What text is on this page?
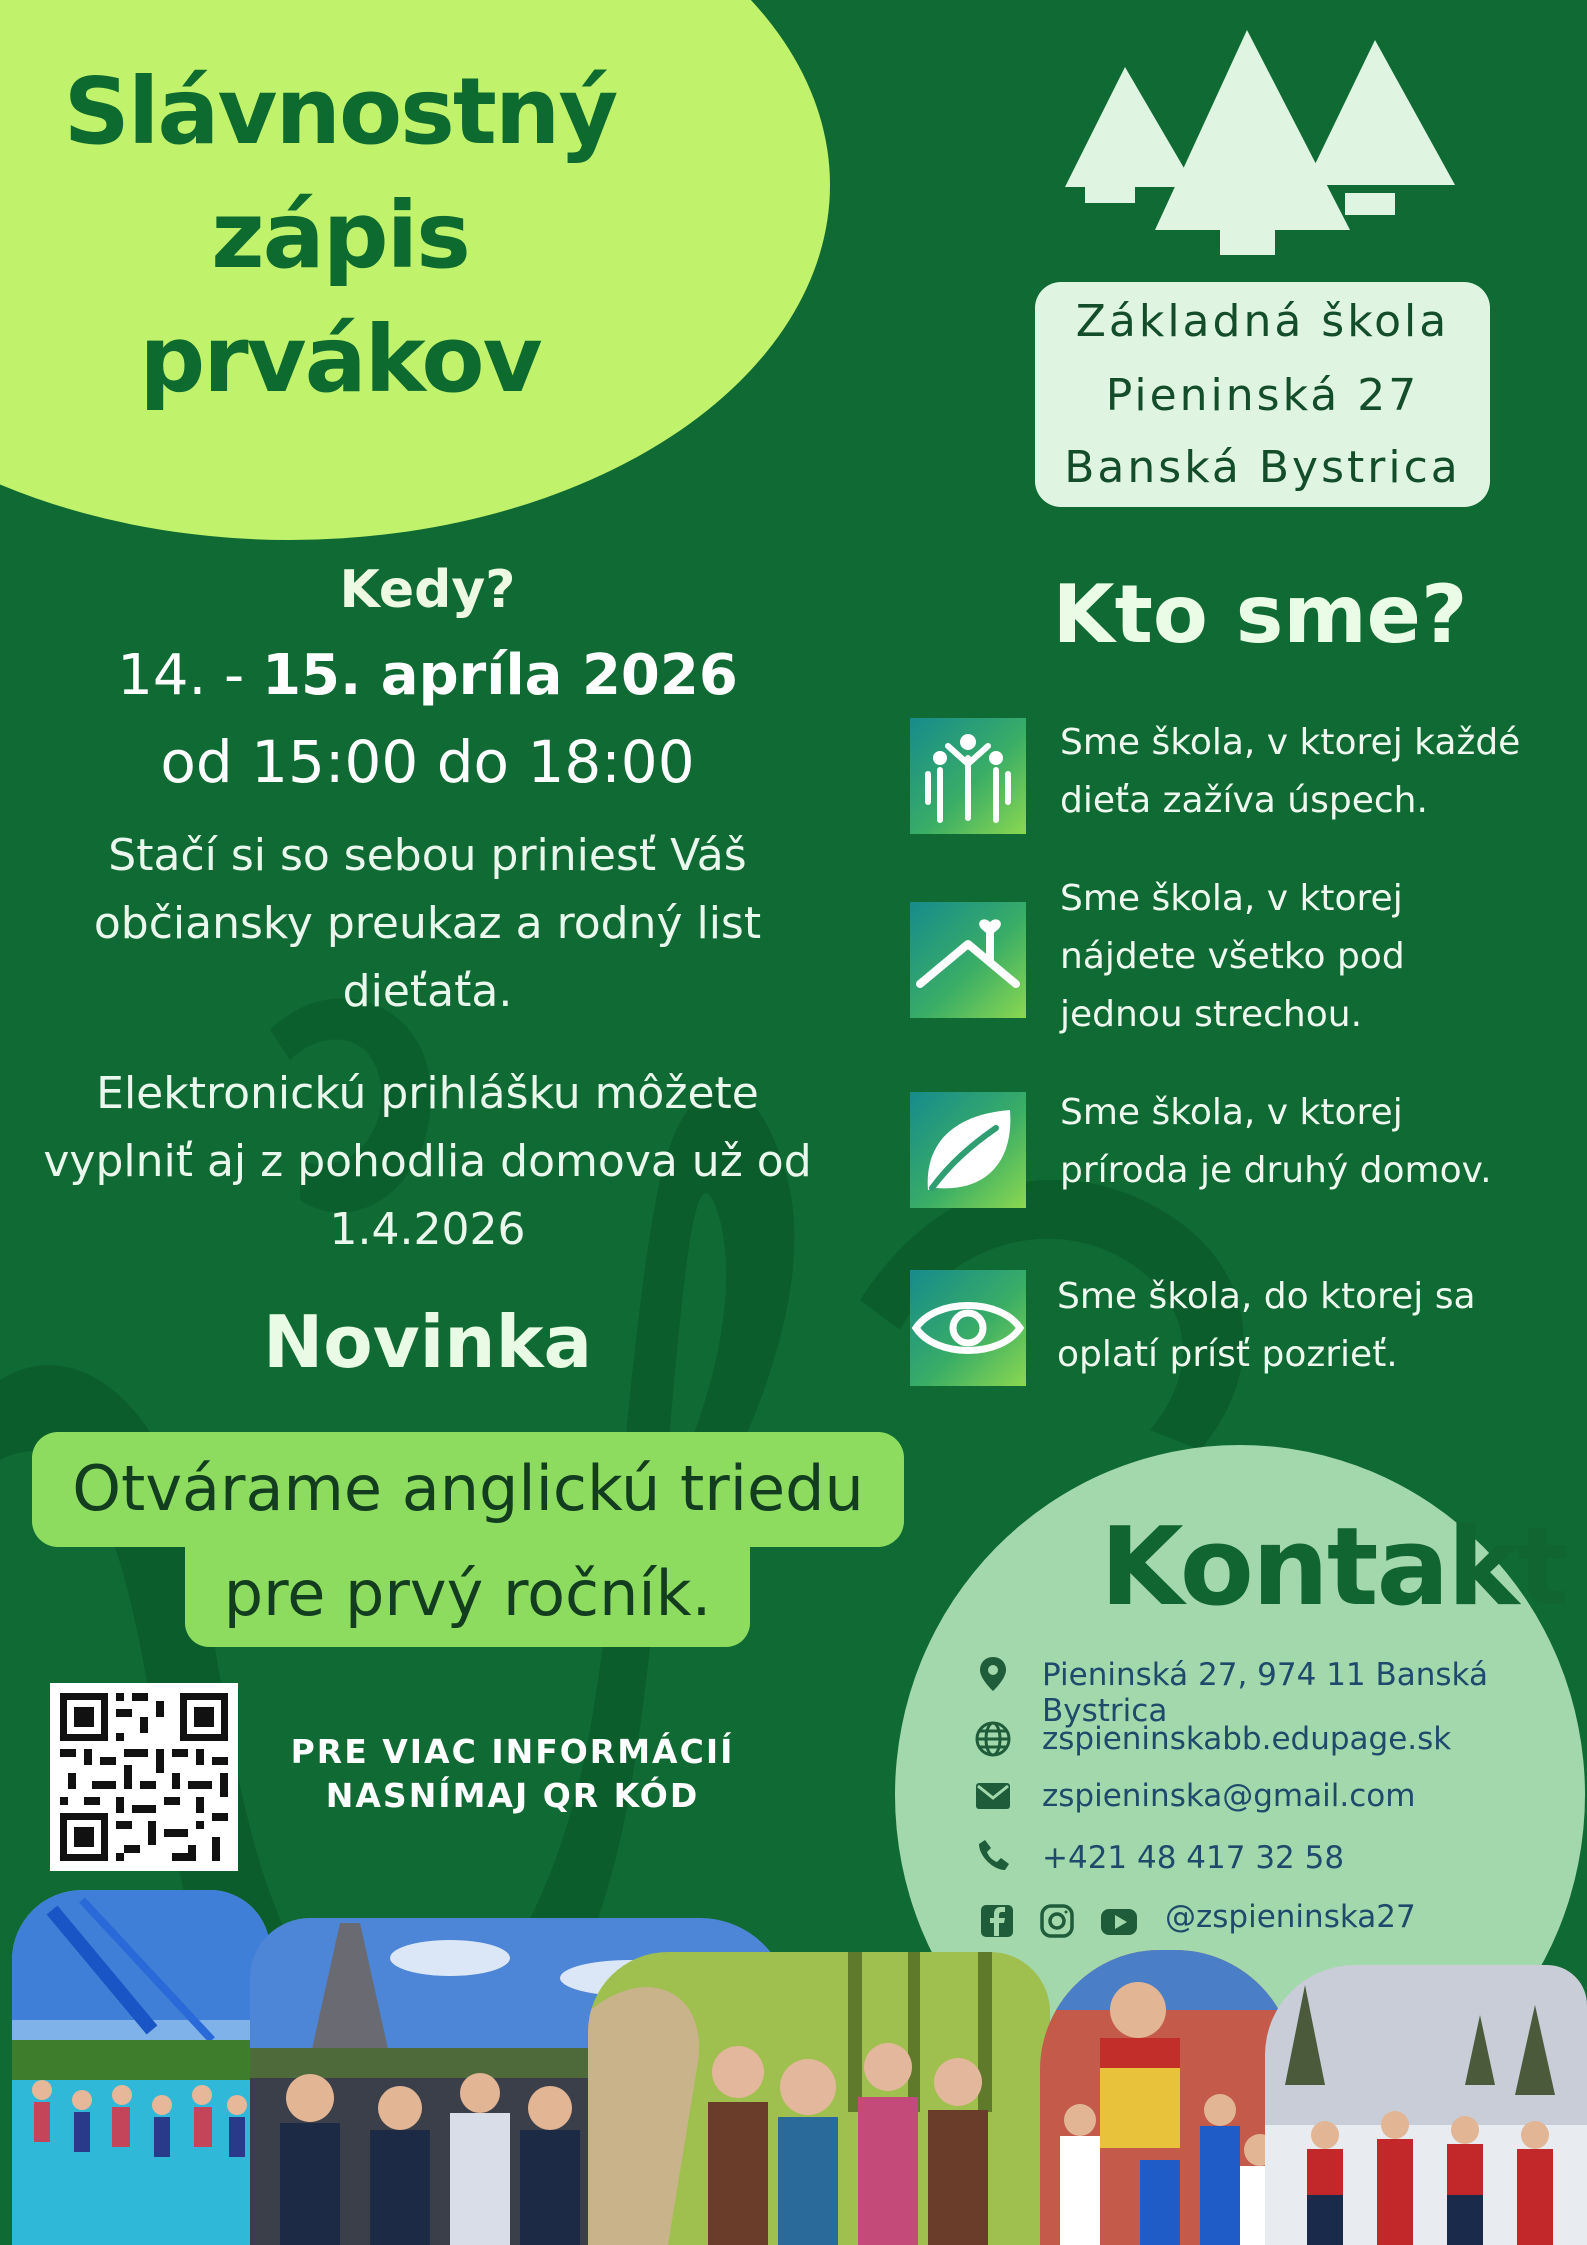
Slávnostný
zápis
prvákov	Základná škola
Pieninská 27
Banská Bystrica
Kedy?
14. - 15. apríla 2026
od 15:00 do 18:00
Stačí si so sebou priniesť Váš
občiansky preukaz a rodný list
dieťaťa.
Elektronickú prihlášku môžete
vyplniť aj z pohodlia domova už od
1.4.2026
Novinka
Otvárame anglickú triedu
pre prvý ročník.
PRE VIAC INFORMÁCIÍ
NASNÍMAJ QR KÓD
Kto sme?
Sme škola, v ktorej každé
dieťa zažíva úspech.
Sme škola, v ktorej
nájdete všetko pod
jednou strechou.
Sme škola, v ktorej
príroda je druhý domov.
Sme škola, do ktorej sa
oplatí prísť pozrieť.
Kontakt
Pieninská 27, 974 11 Banská Bystrica
zspieninskabb.edupage.sk
zspieninska@gmail.com
+421 48 417 32 58
@zspieninska27
